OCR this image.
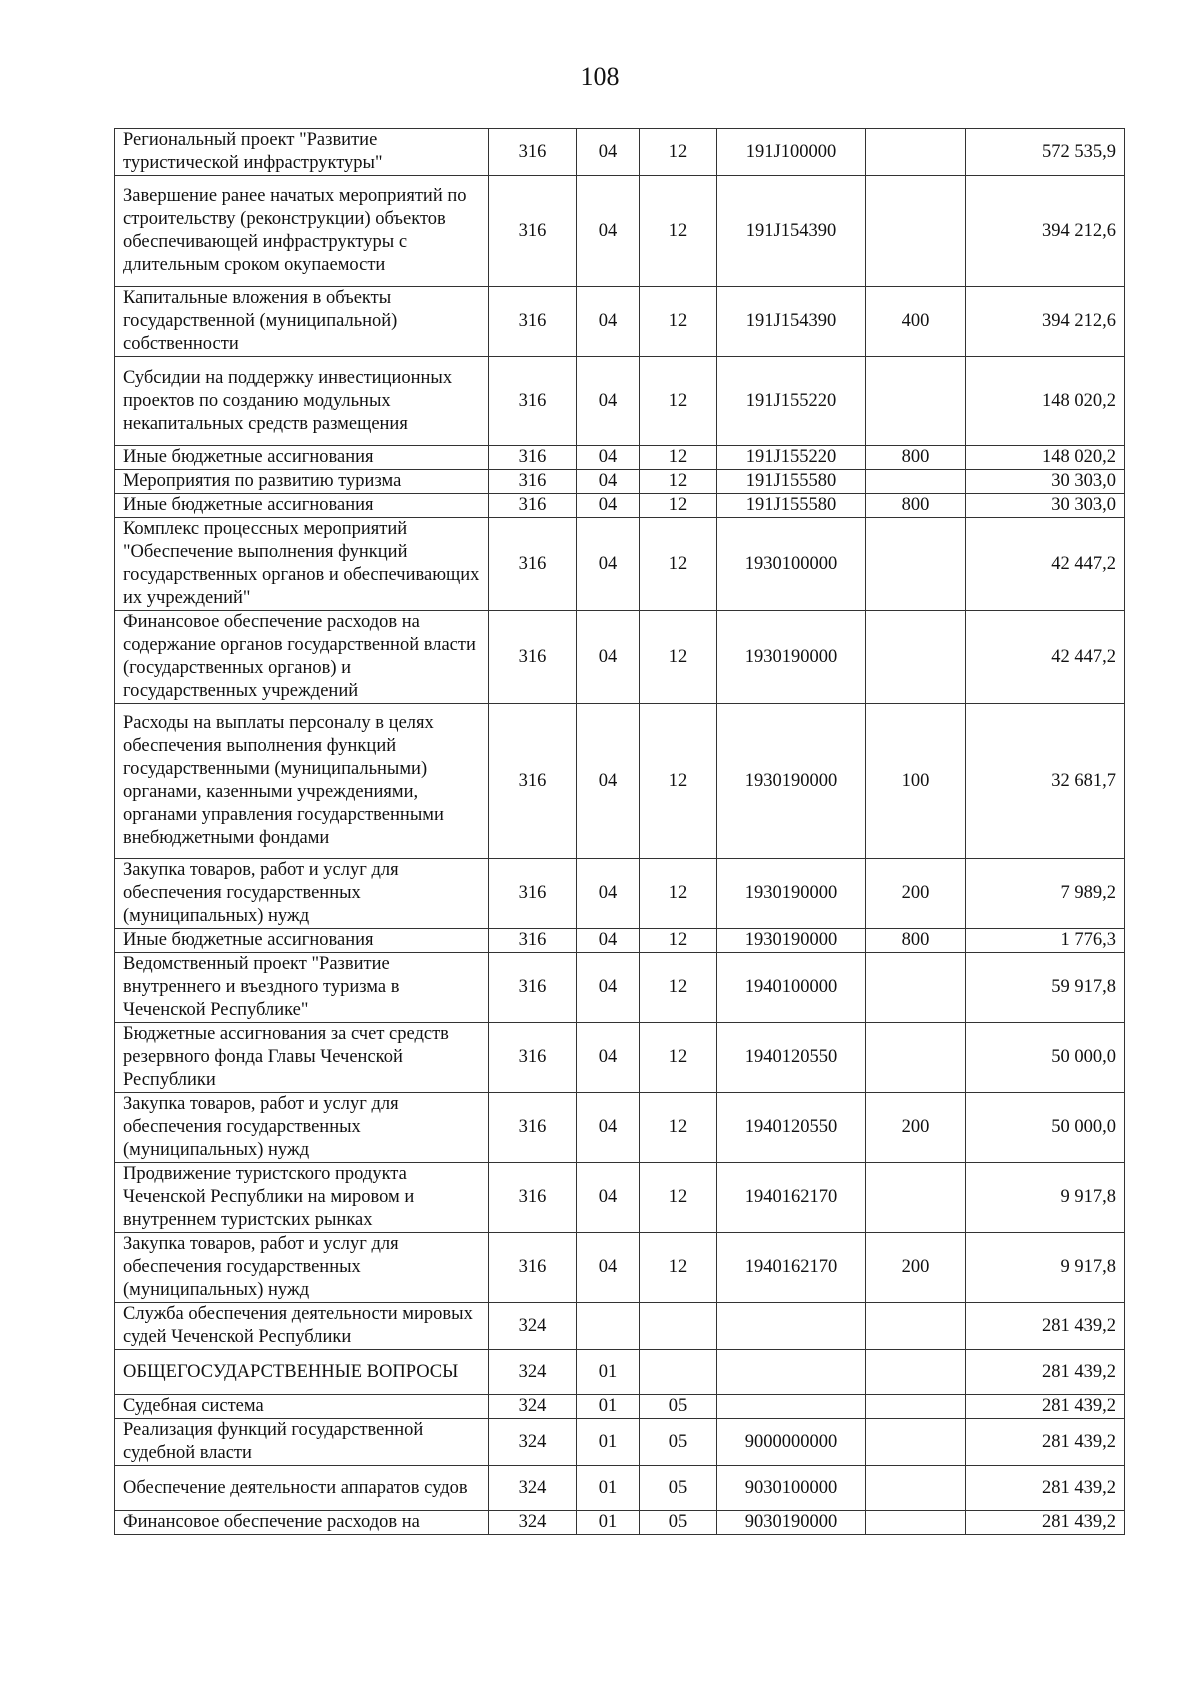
108
Региональный проект "Развитие туристической инфраструктуры"	316	04	12	191J100000		572 535,9
Завершение ранее начатых мероприятий по строительству (реконструкции) объектов обеспечивающей инфраструктуры с длительным сроком окупаемости	316	04	12	191J154390		394 212,6
Капитальные вложения в объекты государственной (муниципальной) собственности	316	04	12	191J154390	400	394 212,6
Субсидии на поддержку инвестиционных проектов по созданию модульных некапитальных средств размещения	316	04	12	191J155220		148 020,2
Иные бюджетные ассигнования	316	04	12	191J155220	800	148 020,2
Мероприятия по развитию туризма	316	04	12	191J155580		30 303,0
Иные бюджетные ассигнования	316	04	12	191J155580	800	30 303,0
Комплекс процессных мероприятий "Обеспечение выполнения функций государственных органов и обеспечивающих их учреждений"	316	04	12	1930100000		42 447,2
Финансовое обеспечение расходов на содержание органов государственной власти (государственных органов) и государственных учреждений	316	04	12	1930190000		42 447,2
Расходы на выплаты персоналу в целях обеспечения выполнения функций государственными (муниципальными) органами, казенными учреждениями, органами управления государственными внебюджетными фондами	316	04	12	1930190000	100	32 681,7
Закупка товаров, работ и услуг для обеспечения государственных (муниципальных) нужд	316	04	12	1930190000	200	7 989,2
Иные бюджетные ассигнования	316	04	12	1930190000	800	1 776,3
Ведомственный проект "Развитие внутреннего и въездного туризма в Чеченской Республике"	316	04	12	1940100000		59 917,8
Бюджетные ассигнования за счет средств резервного фонда Главы Чеченской Республики	316	04	12	1940120550		50 000,0
Закупка товаров, работ и услуг для обеспечения государственных (муниципальных) нужд	316	04	12	1940120550	200	50 000,0
Продвижение туристского продукта Чеченской Республики на мировом и внутреннем туристских рынках	316	04	12	1940162170		9 917,8
Закупка товаров, работ и услуг для обеспечения государственных (муниципальных) нужд	316	04	12	1940162170	200	9 917,8
Служба обеспечения деятельности мировых судей Чеченской Республики	324					281 439,2
ОБЩЕГОСУДАРСТВЕННЫЕ ВОПРОСЫ	324	01				281 439,2
Судебная система	324	01	05			281 439,2
Реализация функций государственной судебной власти	324	01	05	9000000000		281 439,2
Обеспечение деятельности аппаратов судов	324	01	05	9030100000		281 439,2
Финансовое обеспечение расходов на	324	01	05	9030190000		281 439,2
